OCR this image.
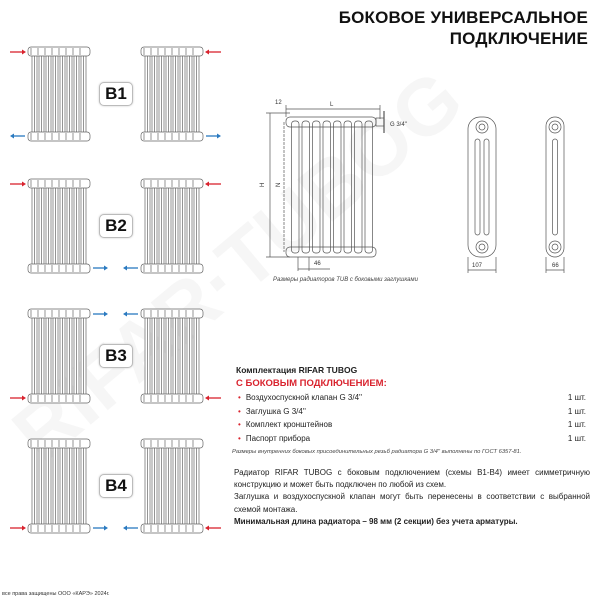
БОКОВОЕ УНИВЕРСАЛЬНОЕ
ПОДКЛЮЧЕНИЕ
12	L
G 3/4''
H N
46	107	66
Размеры радиаторов TUB с боковыми заглушками
Комплектация RIFAR TUBOG
С БОКОВЫМ ПОДКЛЮЧЕНИЕМ:
• Воздухоспускной клапан G 3/4''	1 шт.
• Заглушка G 3/4''	1 шт.
• Комплект кронштейнов	1 шт.
• Паспорт прибора	1 шт.
Размеры внутренних боковых присоединительных резьб радиатора G 3/4'' выполнены по ГОСТ 6357-81.

Радиатор RIFAR TUBOG с боковым подключением (схемы B1-B4) имеет симметричную конструкцию и может быть подключен по любой из схем.

Заглушка и воздухоспускной клапан могут быть перенесены в соответствии с выбранной схемой монтажа.

Минимальная длина радиатора – 98 мм (2 секции) без учета арматуры.

все права защищены ООО «КАРЭ» 2024г.
B1
B2
B3
B4
